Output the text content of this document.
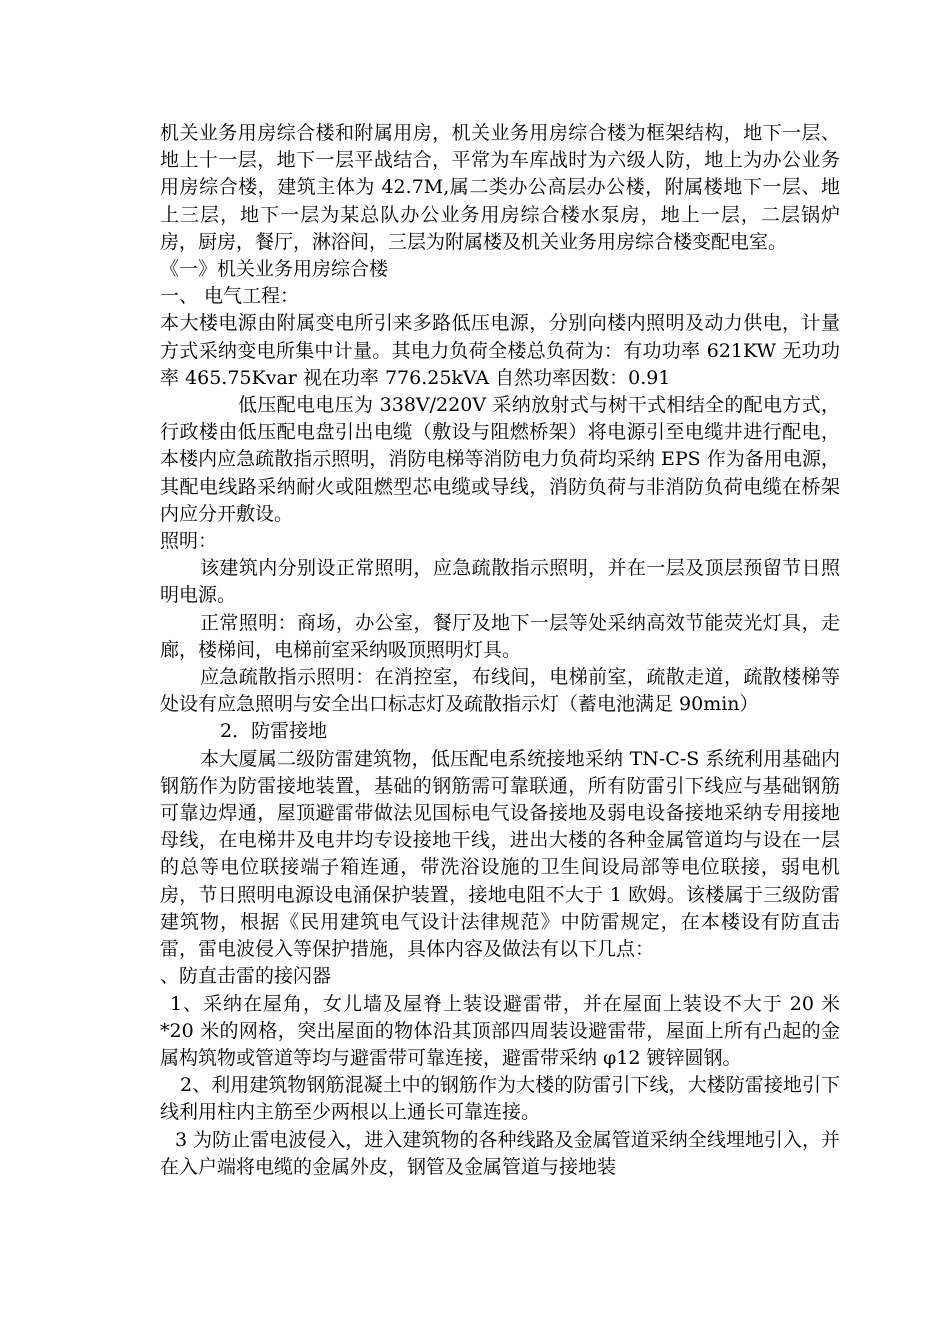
机关业务用房综合楼和附属用房，机关业务用房综合楼为框架结构，地下一层、地上十一层，地下一层平战结合，平常为车库战时为六级人防，地上为办公业务用房综合楼，建筑主体为 42.7M,属二类办公高层办公楼，附属楼地下一层、地上三层，地下一层为某总队办公业务用房综合楼水泵房，地上一层，二层锅炉房，厨房，餐厅，淋浴间，三层为附属楼及机关业务用房综合楼变配电室。

《一》机关业务用房综合楼

一、 电气工程：

本大楼电源由附属变电所引来多路低压电源，分别向楼内照明及动力供电，计量方式采纳变电所集中计量。其电力负荷全楼总负荷为：有功功率 621KW 无功功率 465.75Kvar 视在功率 776.25kVA 自然功率因数：0.91

低压配电电压为 338V/220V 采纳放射式与树干式相结全的配电方式，行政楼由低压配电盘引出电缆（敷设与阻燃桥架）将电源引至电缆井进行配电，本楼内应急疏散指示照明，消防电梯等消防电力负荷均采纳 EPS 作为备用电源，其配电线路采纳耐火或阻燃型芯电缆或导线，消防负荷与非消防负荷电缆在桥架内应分开敷设。

照明：

该建筑内分别设正常照明，应急疏散指示照明，并在一层及顶层预留节日照明电源。

正常照明：商场，办公室，餐厅及地下一层等处采纳高效节能荧光灯具，走廊，楼梯间，电梯前室采纳吸顶照明灯具。

应急疏散指示照明：在消控室，布线间，电梯前室，疏散走道，疏散楼梯等处设有应急照明与安全出口标志灯及疏散指示灯（蓄电池满足 90min）

2．防雷接地

本大厦属二级防雷建筑物，低压配电系统接地采纳 TN-C-S 系统利用基础内钢筋作为防雷接地装置，基础的钢筋需可靠联通，所有防雷引下线应与基础钢筋可靠边焊通，屋顶避雷带做法见国标电气设备接地及弱电设备接地采纳专用接地母线，在电梯井及电井均专设接地干线，进出大楼的各种金属管道均与设在一层的总等电位联接端子箱连通，带洗浴设施的卫生间设局部等电位联接，弱电机房，节日照明电源设电涌保护装置，接地电阻不大于 1 欧姆。该楼属于三级防雷建筑物，根据《民用建筑电气设计法律规范》中防雷规定，在本楼设有防直击雷，雷电波侵入等保护措施，具体内容及做法有以下几点：

、防直击雷的接闪器

1、采纳在屋角，女儿墙及屋脊上装设避雷带，并在屋面上装设不大于 20 米*20 米的网格，突出屋面的物体沿其顶部四周装设避雷带，屋面上所有凸起的金属构筑物或管道等均与避雷带可靠连接，避雷带采纳 φ12 镀锌圆钢。

2、利用建筑物钢筋混凝土中的钢筋作为大楼的防雷引下线，大楼防雷接地引下线利用柱内主筋至少两根以上通长可靠连接。

3 为防止雷电波侵入，进入建筑物的各种线路及金属管道采纳全线埋地引入，并在入户端将电缆的金属外皮，钢管及金属管道与接地装
